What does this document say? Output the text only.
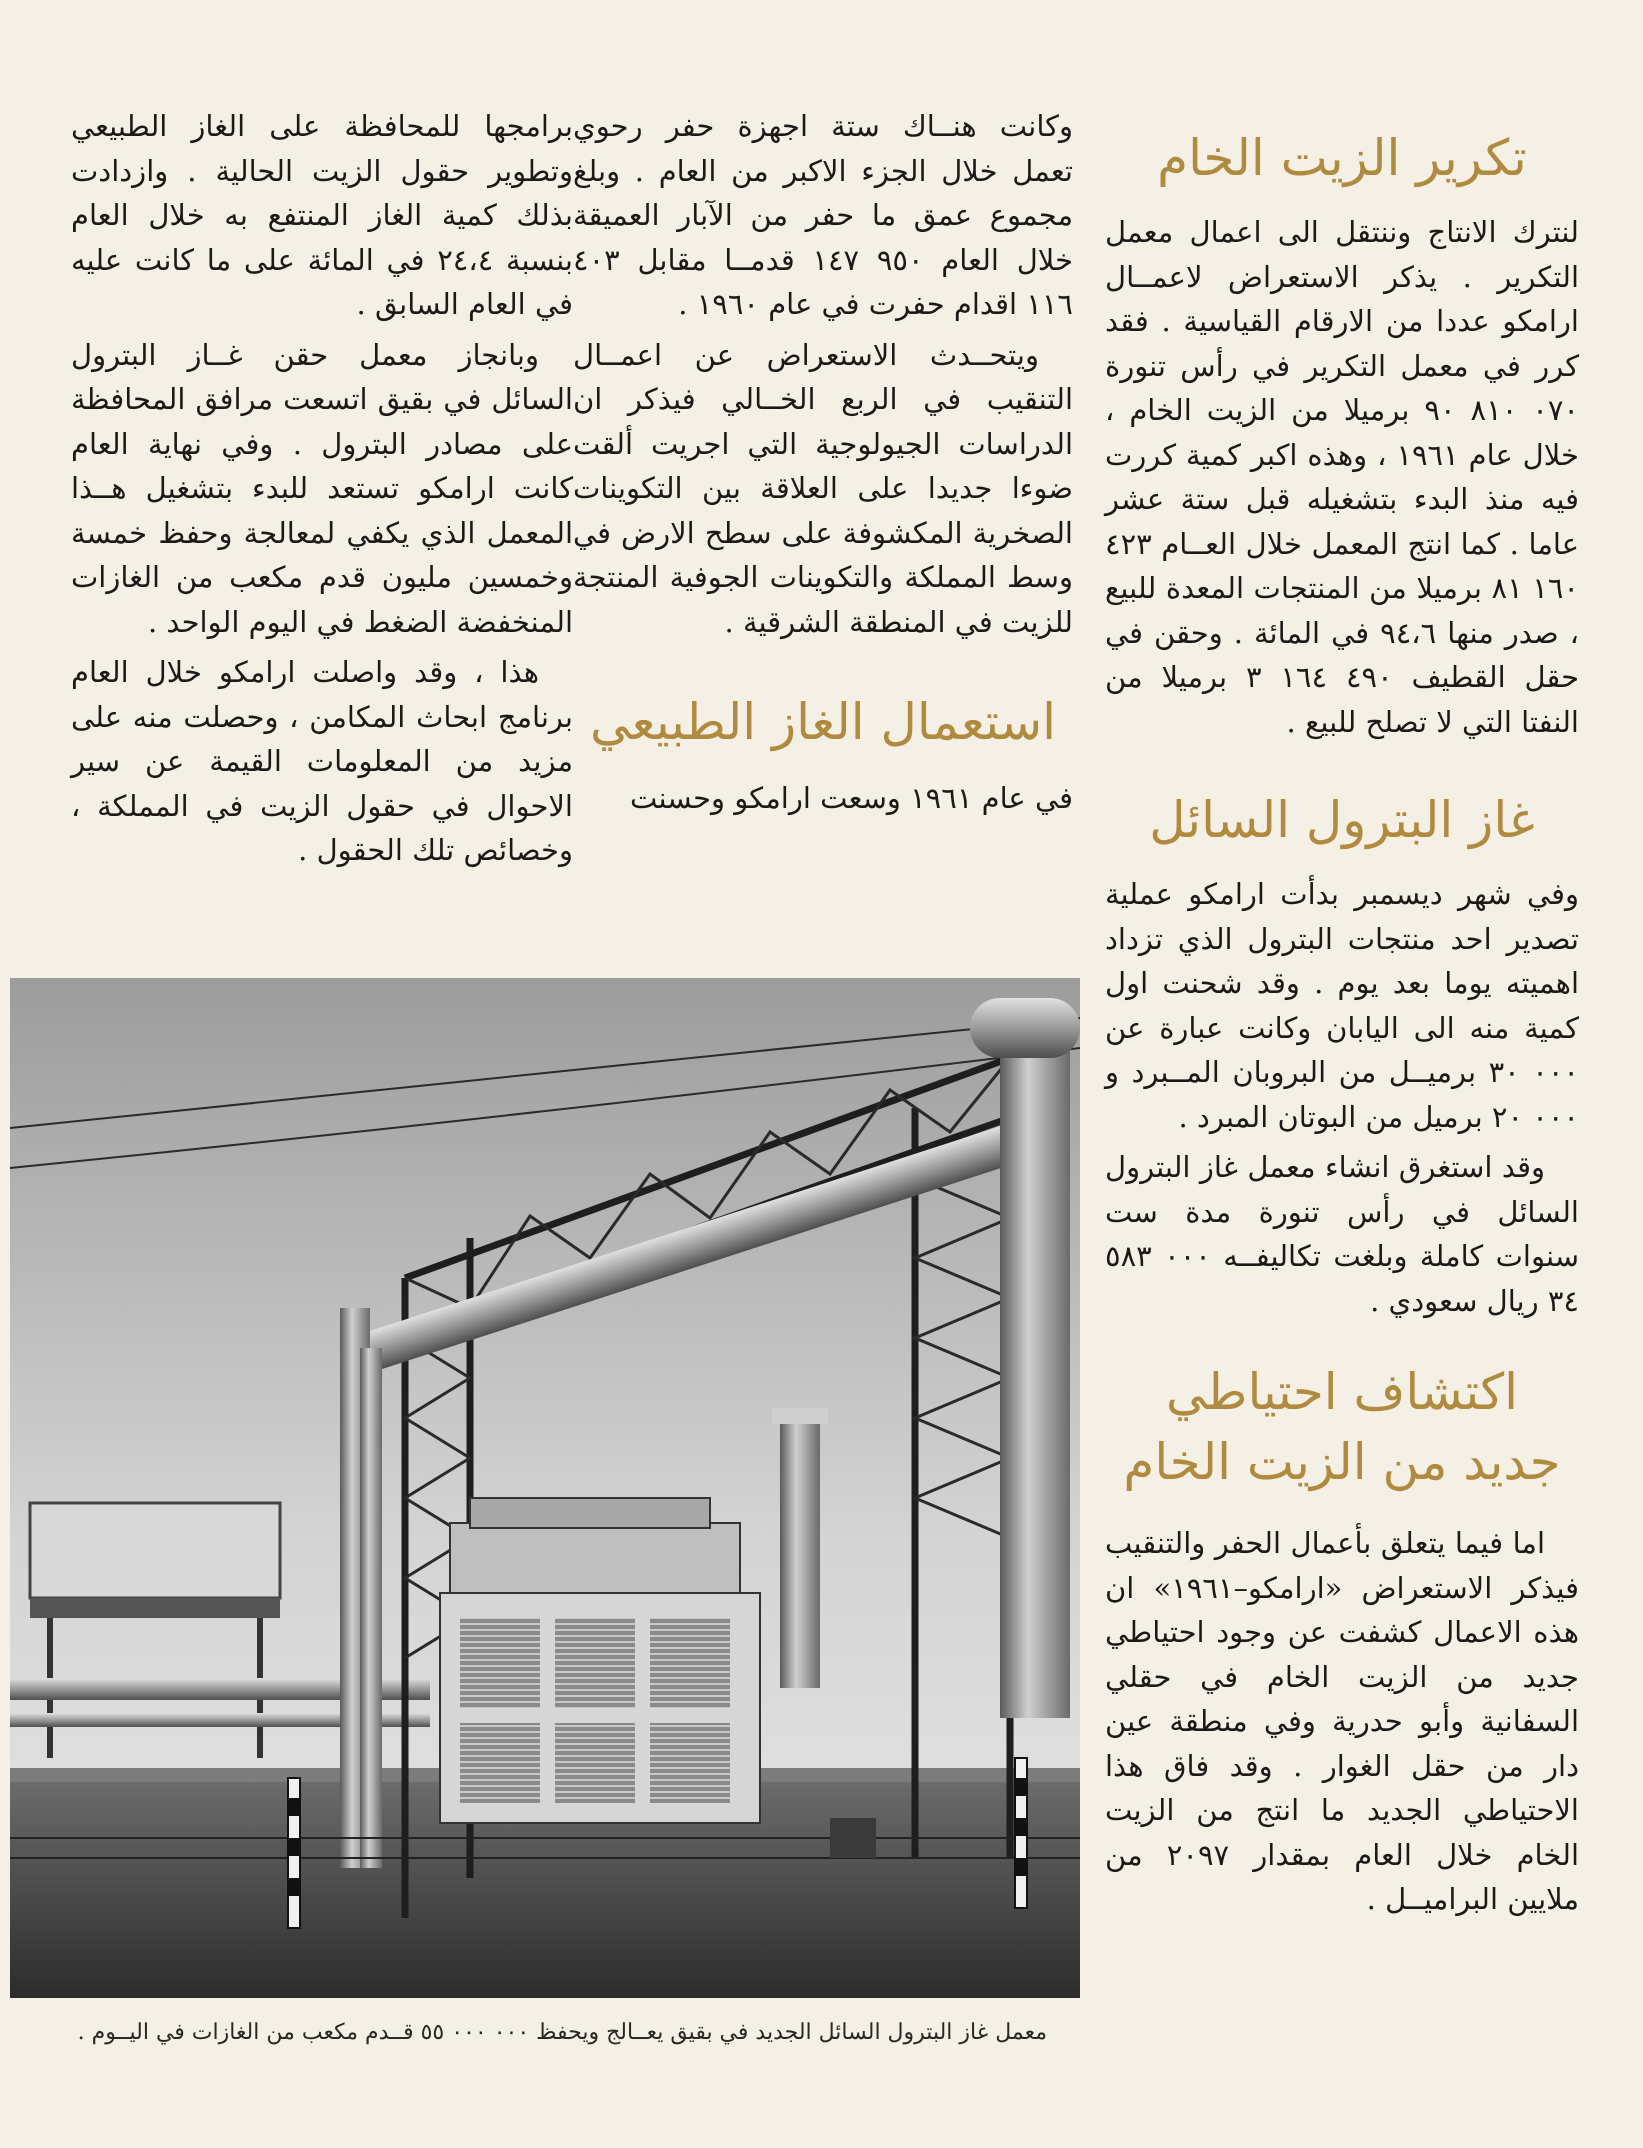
تكرير الزيت الخام

لنترك الانتاج وننتقل الى اعمال معمل التكرير . يذكر الاستعراض لاعمــال ارامكو عددا من الارقام القياسية . فقد كرر في معمل التكرير في رأس تنورة ٠٧٠ ٨١٠ ٩٠ برميلا من الزيت الخام ، خلال عام ١٩٦١ ، وهذه اكبر كمية كررت فيه منذ البدء بتشغيله قبل ستة عشر عاما . كما انتج المعمل خلال العــام ٤٢٣ ١٦٠ ٨١ برميلا من المنتجات المعدة للبيع ، صدر منها ٩٤،٦ في المائة . وحقن في حقل القطيف ٤٩٠ ١٦٤ ٣ برميلا من النفتا التي لا تصلح للبيع .

غاز البترول السائل

وفي شهر ديسمبر بدأت ارامكو عملية تصدير احد منتجات البترول الذي تزداد اهميته يوما بعد يوم . وقد شحنت اول كمية منه الى اليابان وكانت عبارة عن ٠٠٠ ٣٠ برميــل من البروبان المــبرد و ٠٠٠ ٢٠ برميل من البوتان المبرد .

وقد استغرق انشاء معمل غاز البترول السائل في رأس تنورة مدة ست سنوات كاملة وبلغت تكاليفــه ٠٠٠ ٥٨٣ ٣٤ ريال سعودي .

اكتشاف احتياطي
جديد من الزيت الخام

اما فيما يتعلق بأعمال الحفر والتنقيب فيذكر الاستعراض «ارامكو–١٩٦١» ان هذه الاعمال كشفت عن وجود احتياطي جديد من الزيت الخام في حقلي السفانية وأبو حدرية وفي منطقة عين دار من حقل الغوار . وقد فاق هذا الاحتياطي الجديد ما انتج من الزيت الخام خلال العام بمقدار ٢٠٩٧ من ملايين البراميــل .

وكانت هنــاك ستة اجهزة حفر رحوي تعمل خلال الجزء الاكبر من العام . وبلغ مجموع عمق ما حفر من الآبار العميقة خلال العام ٩٥٠ ١٤٧ قدمــا مقابل ٤٠٣ ١١٦ اقدام حفرت في عام ١٩٦٠ .

ويتحــدث الاستعراض عن اعمــال التنقيب في الربع الخــالي فيذكر ان الدراسات الجيولوجية التي اجريت ألقت ضوءا جديدا على العلاقة بين التكوينات الصخرية المكشوفة على سطح الارض في وسط المملكة والتكوينات الجوفية المنتجة للزيت في المنطقة الشرقية .

استعمال الغاز الطبيعي

في عام ١٩٦١ وسعت ارامكو وحسنت

برامجها للمحافظة على الغاز الطبيعي وتطوير حقول الزيت الحالية . وازدادت بذلك كمية الغاز المنتفع به خلال العام بنسبة ٢٤،٤ في المائة على ما كانت عليه في العام السابق .

وبانجاز معمل حقن غــاز البترول السائل في بقيق اتسعت مرافق المحافظة على مصادر البترول . وفي نهاية العام كانت ارامكو تستعد للبدء بتشغيل هــذا المعمل الذي يكفي لمعالجة وحفظ خمسة وخمسين مليون قدم مكعب من الغازات المنخفضة الضغط في اليوم الواحد .

هذا ، وقد واصلت ارامكو خلال العام برنامج ابحاث المكامن ، وحصلت منه على مزيد من المعلومات القيمة عن سير الاحوال في حقول الزيت في المملكة ، وخصائص تلك الحقول .

معمل غاز البترول السائل الجديد في بقيق يعــالج ويحفظ ٠٠٠ ٠٠٠ ٥٥ قــدم مكعب من الغازات في اليــوم .
